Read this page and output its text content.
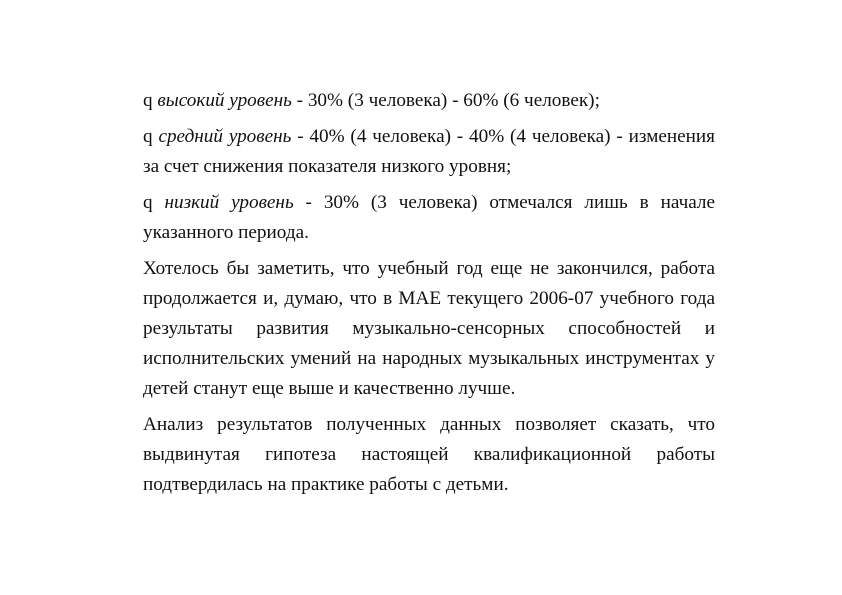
q высокий уровень - 30% (3 человека) - 60% (6 человек);

q средний уровень - 40% (4 человека) - 40% (4 человека) - изменения за счет снижения показателя низкого уровня;

q низкий уровень - 30% (3 человека) отмечался лишь в начале указанного периода.

Хотелось бы заметить, что учебный год еще не закончился, работа продолжается и, думаю, что в МАЕ текущего 2006-07 учебного года результаты развития музыкально-сенсорных способностей и исполнительских умений на народных музыкальных инструментах у детей станут еще выше и качественно лучше.

Анализ результатов полученных данных позволяет сказать, что выдвинутая гипотеза настоящей квалификационной работы подтвердилась на практике работы с детьми.
